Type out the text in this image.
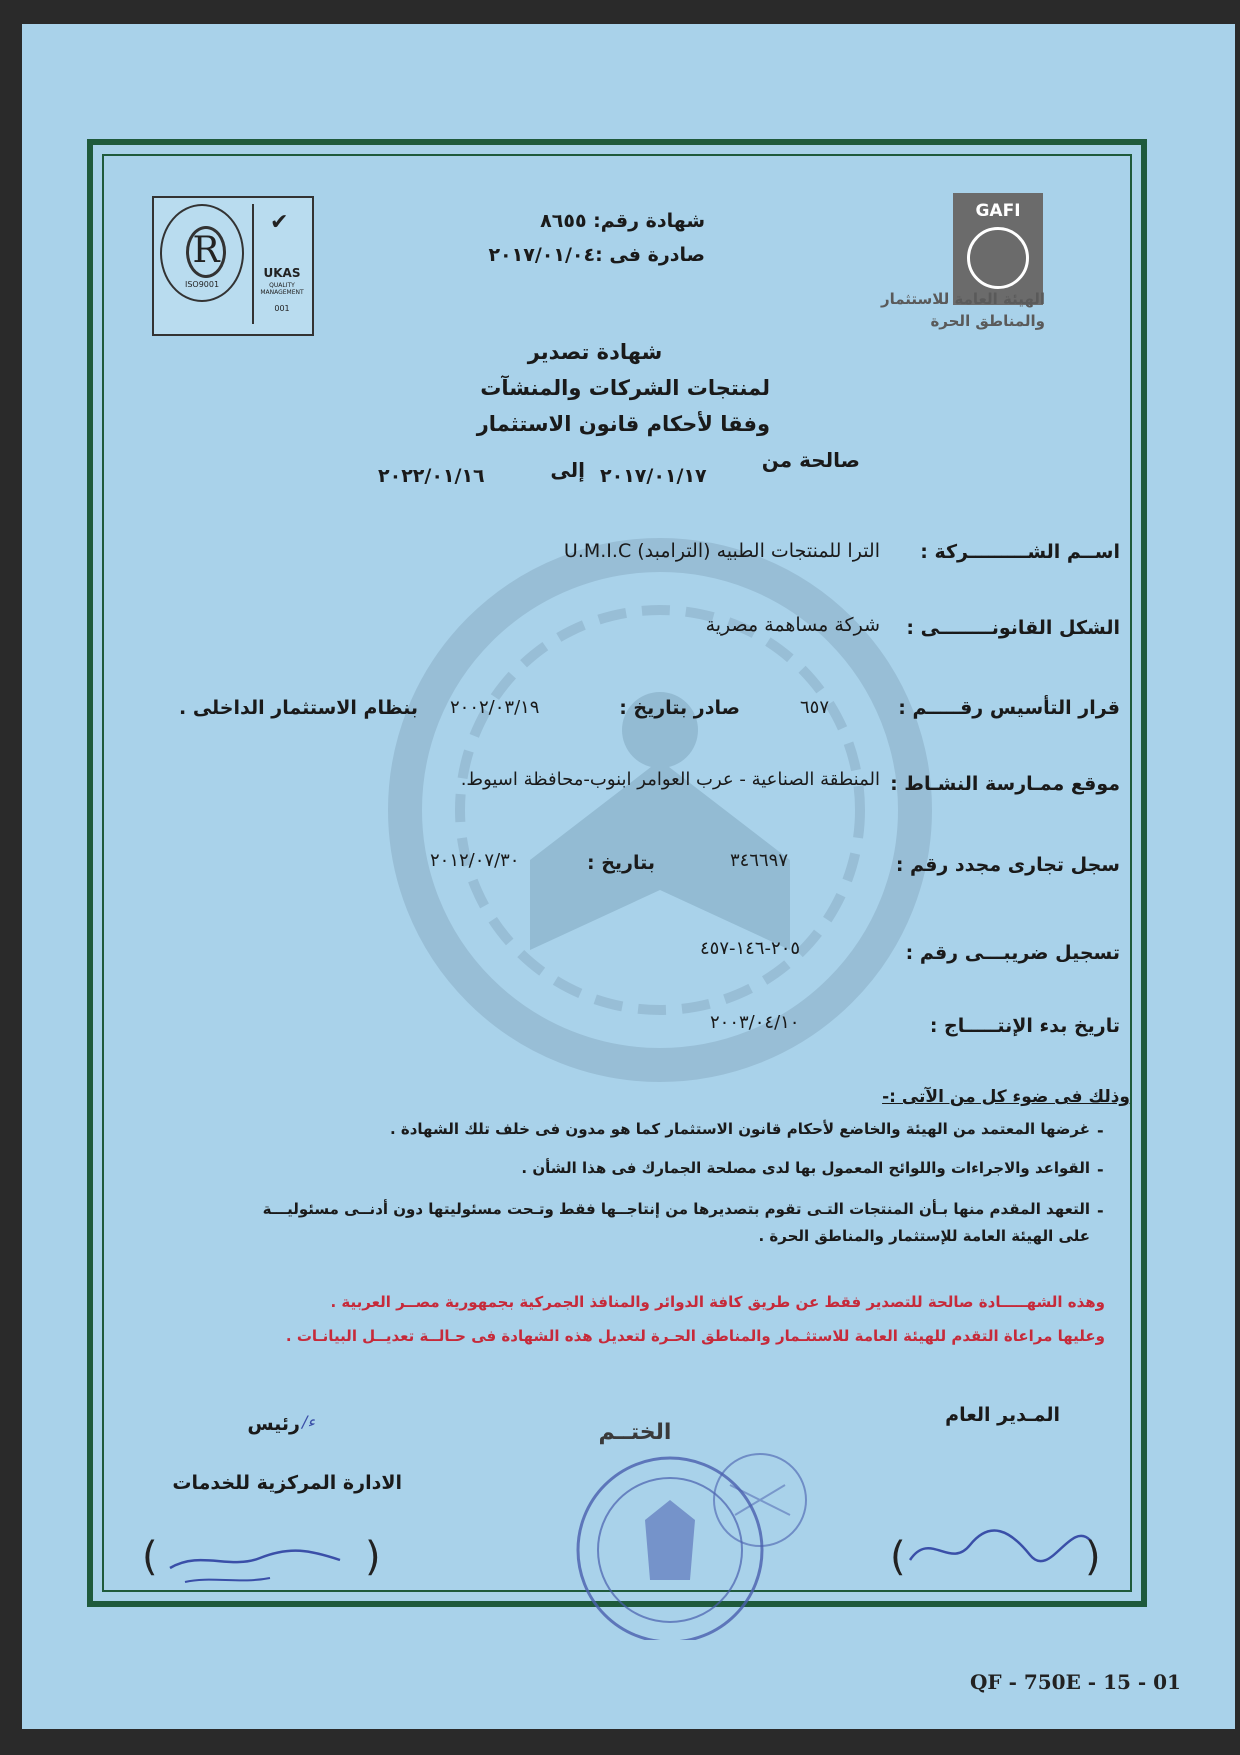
GAFI
الهيئة العامة للاستثمار
والمناطق الحرة
R
ISO9001
✔
UKAS
QUALITY MANAGEMENT
001
شهادة رقم: ٨٦٥٥
صادرة فى :٢٠١٧/٠١/٠٤
شهادة تصدير
لمنتجات الشركات والمنشآت
وفقا لأحكام قانون الاستثمار
صالحة من
٢٠١٧/٠١/١٧
إلى
٢٠٢٢/٠١/١٦
اســم الشـــــــــركة :
الترا للمنتجات الطبيه (الترامبد) U.M.I.C
الشكل القانونــــــــى :
شركة مساهمة مصرية
قرار التأسيس رقـــــم :
٦٥٧
صادر بتاريخ :
٢٠٠٢/٠٣/١٩
بنظام الاستثمار الداخلى .
موقع ممـارسة النشـاط :
المنطقة الصناعية - عرب العوامر ابنوب-محافظة اسيوط.
سجل تجارى مجدد رقم :
٣٤٦٦٩٧
بتاريخ :
٢٠١٢/٠٧/٣٠
تسجيل ضريبـــى رقم :
٢٠٥-١٤٦-٤٥٧
تاريخ بدء الإنتـــــاج :
٢٠٠٣/٠٤/١٠
وذلك فى ضوء كل من الآتى :-
-
غرضها المعتمد من الهيئة والخاضع لأحكام قانون الاستثمار كما هو مدون فى خلف تلك الشهادة .
-
القواعد والاجراءات واللوائح المعمول بها لدى مصلحة الجمارك فى هذا الشأن .
-
التعهد المقدم منها بـأن المنتجات التـى تقوم بتصديرها من إنتاجــها فقط وتـحت مسئوليتها دون أدنــى مسئوليـــة
على الهيئة العامة للإستثمار والمناطق الحرة .
وهذه الشهـــــادة صالحة للتصدير فقط عن طريق كافة الدوائر والمنافذ الجمركية بجمهورية مصــر العربية .
وعليها مراعاة التقدم للهيئة العامة للاستثـمار والمناطق الحـرة لتعديل هذه الشهادة فى حـالــة تعديــل البيانـات .
المـدير العام
الختــم
رئيس /ء
الادارة المركزية للخدمات
(	)	(	)
QF - 750E - 15 - 01
